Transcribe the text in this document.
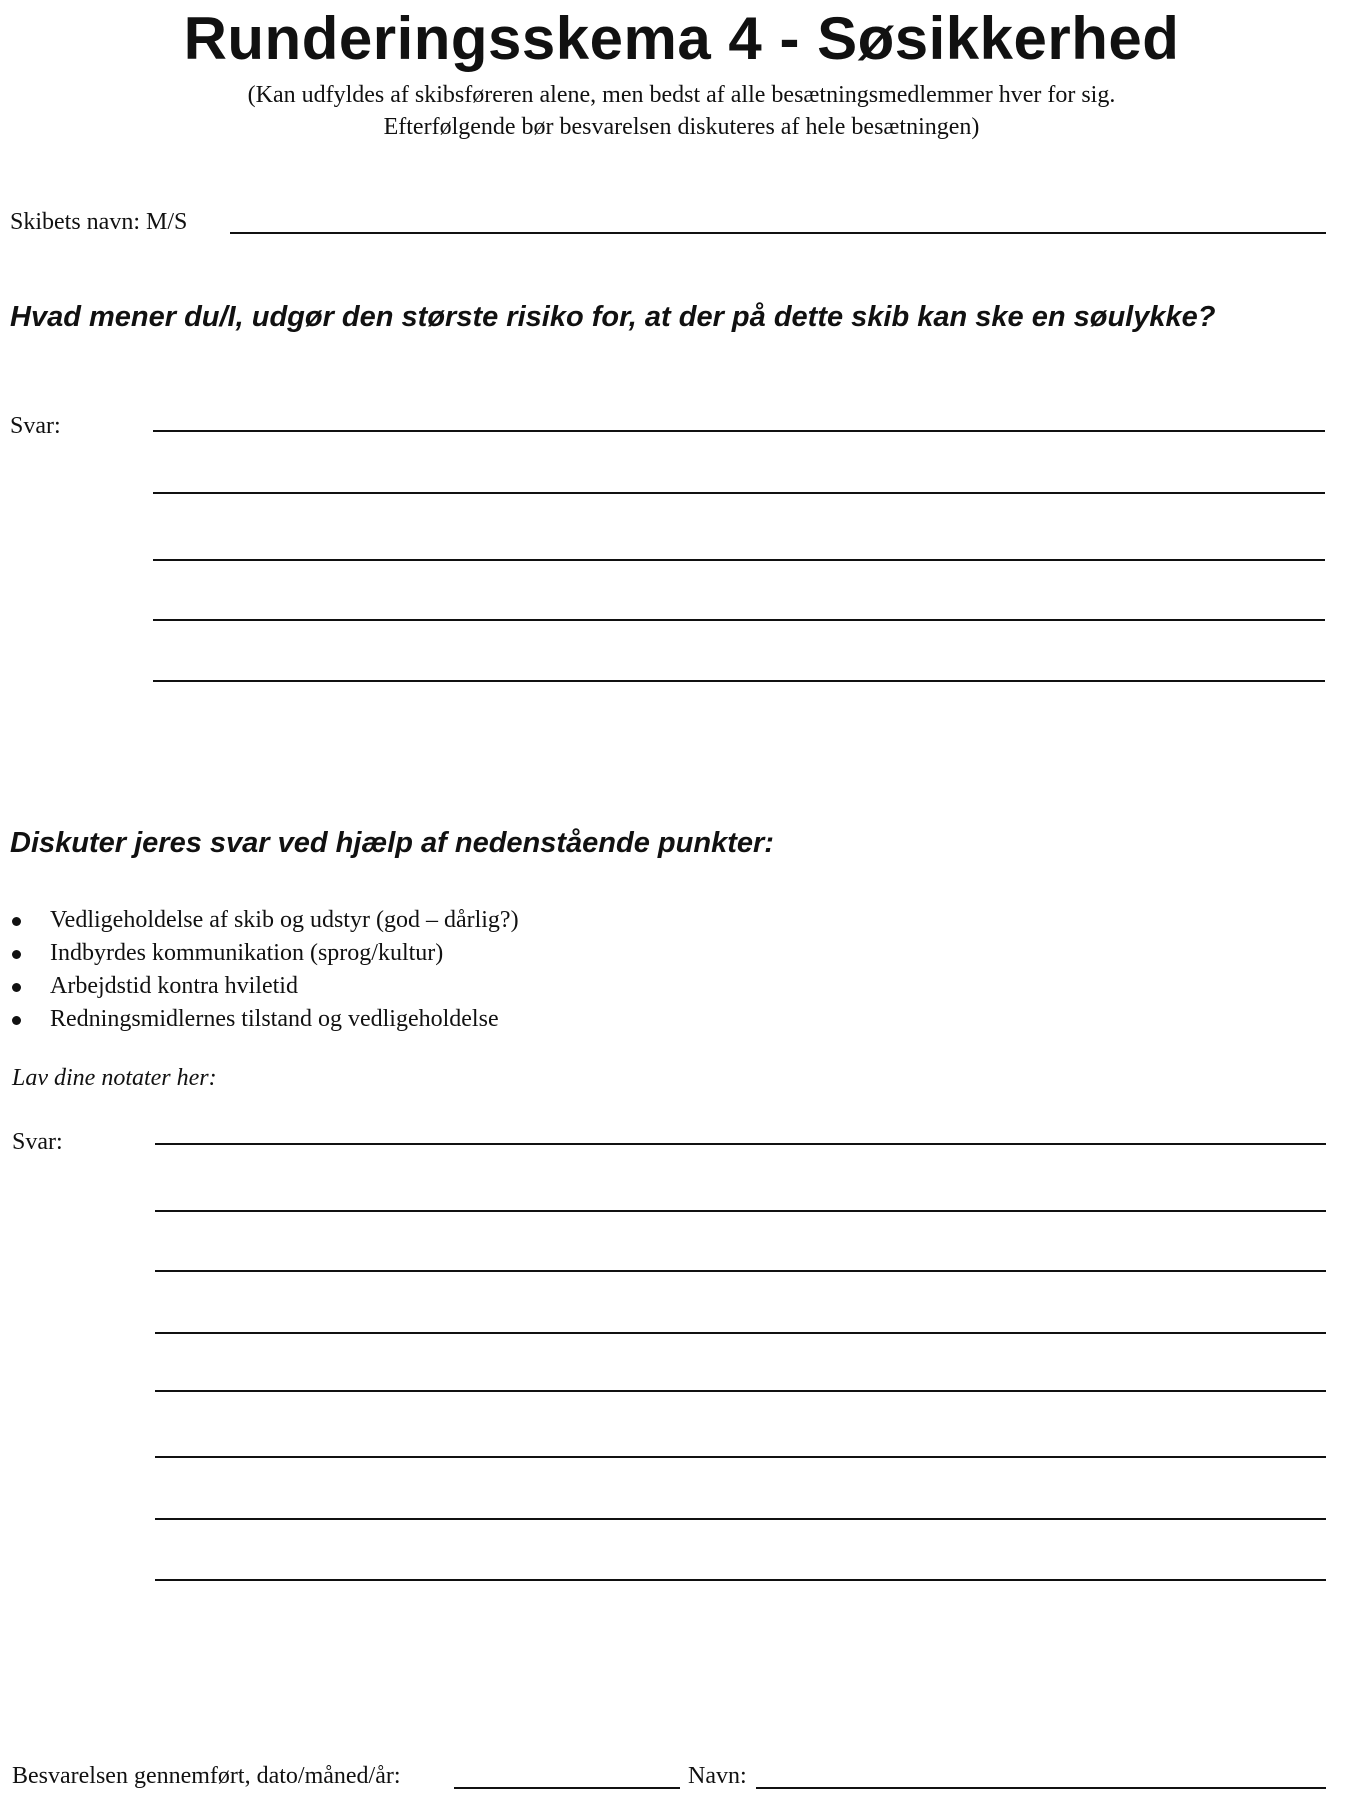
Runderingsskema 4 - Søsikkerhed
(Kan udfyldes af skibsføreren alene, men bedst af alle besætningsmedlemmer hver for sig.
Efterfølgende bør besvarelsen diskuteres af hele besætningen)
Skibets navn: M/S
Hvad mener du/I, udgør den største risiko for, at der på dette skib kan ske en søulykke?
Svar:
Diskuter jeres svar ved hjælp af nedenstående punkter:
Vedligeholdelse af skib og udstyr (god – dårlig?)
Indbyrdes kommunikation (sprog/kultur)
Arbejdstid kontra hviletid
Redningsmidlernes tilstand og vedligeholdelse
Lav dine notater her:
Svar:
Besvarelsen gennemført, dato/måned/år:	Navn:
